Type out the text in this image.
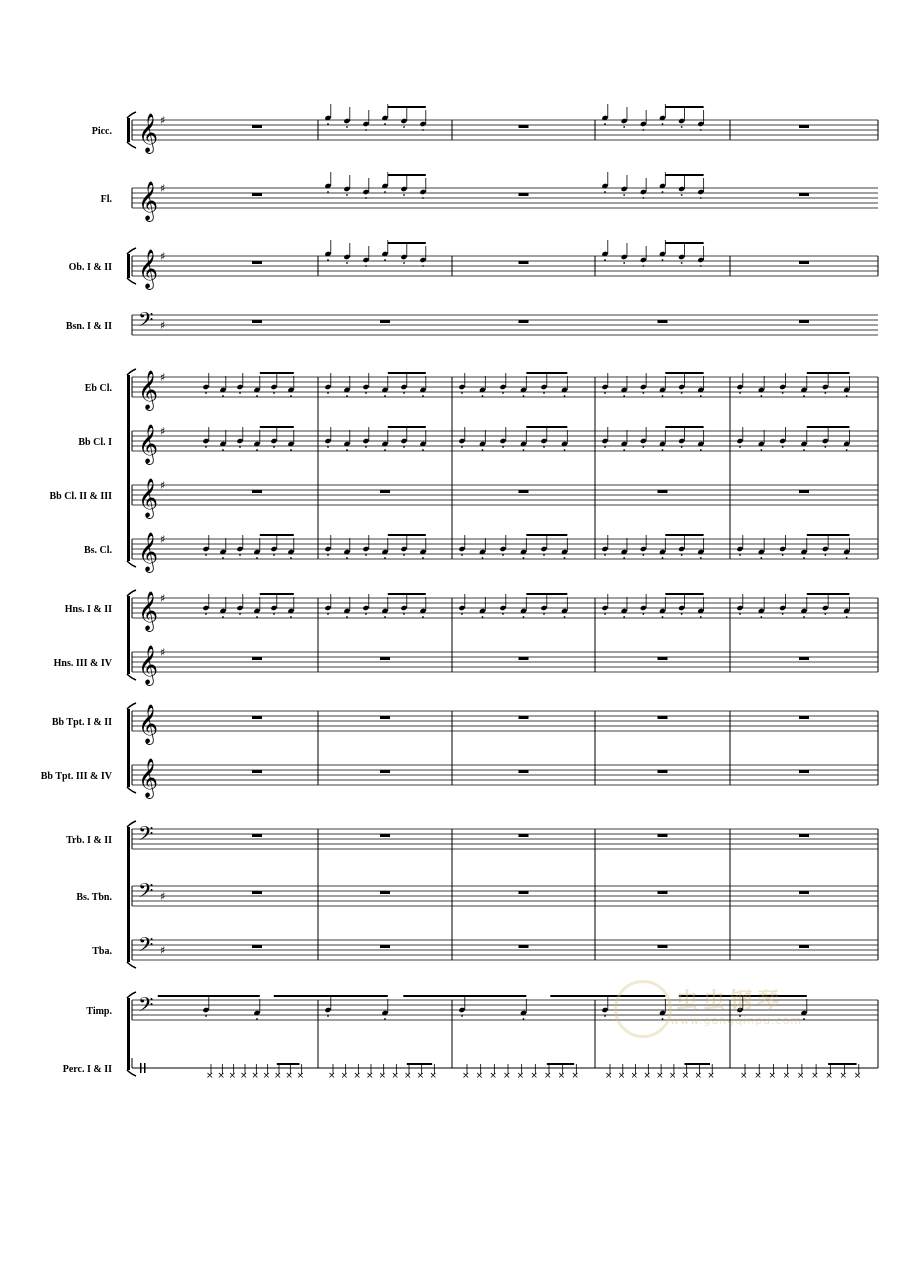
Picc. 𝄞 ♯
Fl. 𝄞 ♯
Ob. I & II 𝄞 ♯
Bsn. I & II 𝄢 ♯
Eb Cl. 𝄞 ♯
Bb Cl. I 𝄞 ♯
Bb Cl. II & III 𝄞 ♯
Bs. Cl. 𝄞 ♯
Hns. I & II 𝄞 ♯
Hns. III & IV 𝄞 ♯
Bb Tpt. I & II 𝄞
Bb Tpt. III & IV 𝄞
Trb. I & II 𝄢
Bs. Tbn. 𝄢 ♯
Tba. 𝄢 ♯
Timp. 𝄢
Perc. I & II
× × × × × × × × ×	× × × × × × × × ×	× × × × × × × × ×	× × × × × × × × ×	× × × × × × × × ×
虫虫钢琴
www.gangqinpu.com
